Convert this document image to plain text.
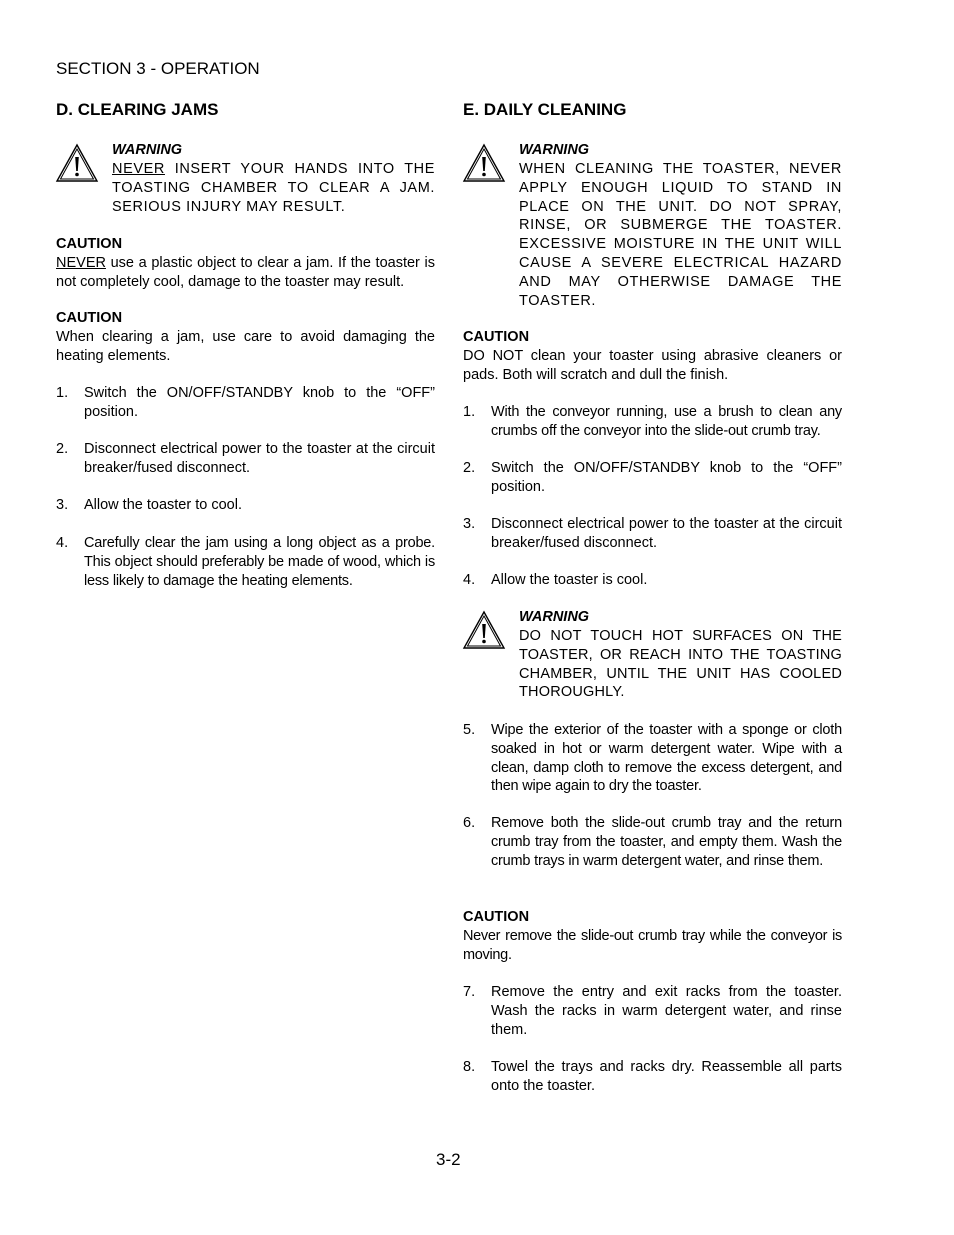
SECTION 3 - OPERATION
D. CLEARING JAMS
WARNING
NEVER INSERT YOUR HANDS INTO THE TOASTING CHAMBER TO CLEAR A JAM. SERIOUS INJURY MAY RESULT.
CAUTION
NEVER use a plastic object to clear a jam. If the toaster is not completely cool, damage to the toaster may result.
CAUTION
When clearing a jam, use care to avoid damaging the heating elements.
1. Switch the ON/OFF/STANDBY knob to the “OFF” position.
2. Disconnect electrical power to the toaster at the circuit breaker/fused disconnect.
3. Allow the toaster to cool.
4. Carefully clear the jam using a long object as a probe. This object should preferably be made of wood, which is less likely to damage the heating elements.
E. DAILY CLEANING
WARNING
WHEN CLEANING THE TOASTER, NEVER APPLY ENOUGH LIQUID TO STAND IN PLACE ON THE UNIT. DO NOT SPRAY, RINSE, OR SUBMERGE THE TOASTER. EXCESSIVE MOISTURE IN THE UNIT WILL CAUSE A SEVERE ELECTRICAL HAZARD AND MAY OTHERWISE DAMAGE THE TOASTER.
CAUTION
DO NOT clean your toaster using abrasive cleaners or pads. Both will scratch and dull the finish.
1. With the conveyor running, use a brush to clean any crumbs off the conveyor into the slide-out crumb tray.
2. Switch the ON/OFF/STANDBY knob to the “OFF” position.
3. Disconnect electrical power to the toaster at the circuit breaker/fused disconnect.
4. Allow the toaster is cool.
WARNING
DO NOT TOUCH HOT SURFACES ON THE TOASTER, OR REACH INTO THE TOASTING CHAMBER, UNTIL THE UNIT HAS COOLED THOROUGHLY.
5. Wipe the exterior of the toaster with a sponge or cloth soaked in hot or warm detergent water. Wipe with a clean, damp cloth to remove the excess detergent, and then wipe again to dry the toaster.
6. Remove both the slide-out crumb tray and the return crumb tray from the toaster, and empty them. Wash the crumb trays in warm detergent water, and rinse them.
CAUTION
Never remove the slide-out crumb tray while the conveyor is moving.
7. Remove the entry and exit racks from the toaster. Wash the racks in warm detergent water, and rinse them.
8. Towel the trays and racks dry. Reassemble all parts onto the toaster.
3-2
